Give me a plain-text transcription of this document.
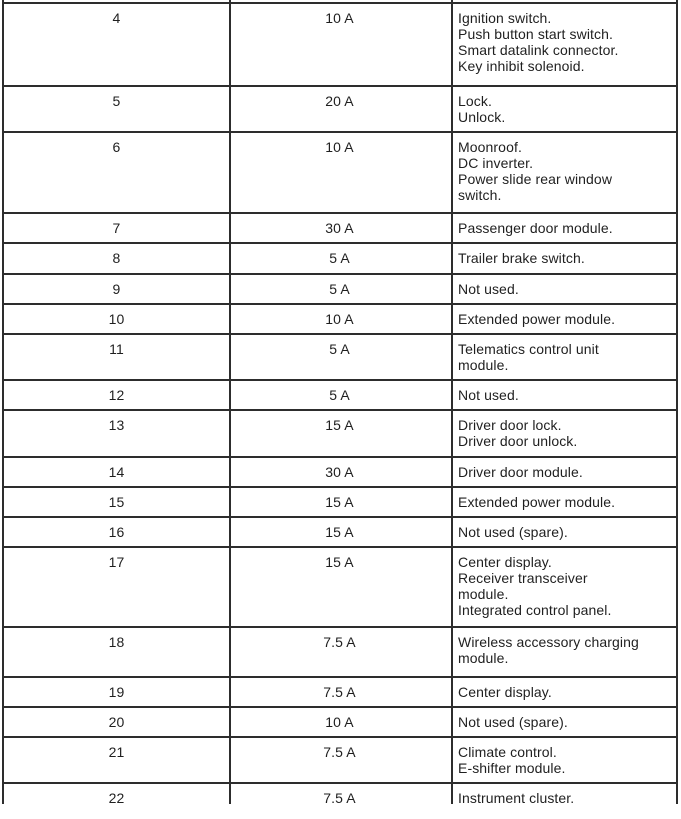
4	10 A	Ignition switch.
Push button start switch.
Smart datalink connector.
Key inhibit solenoid.
5	20 A	Lock.
Unlock.
6	10 A	Moonroof.
DC inverter.
Power slide rear window
switch.
7	30 A	Passenger door module.
8	5 A	Trailer brake switch.
9	5 A	Not used.
10	10 A	Extended power module.
11	5 A	Telematics control unit
module.
12	5 A	Not used.
13	15 A	Driver door lock.
Driver door unlock.
14	30 A	Driver door module.
15	15 A	Extended power module.
16	15 A	Not used (spare).
17	15 A	Center display.
Receiver transceiver
module.
Integrated control panel.
18	7.5 A	Wireless accessory charging
module.
19	7.5 A	Center display.
20	10 A	Not used (spare).
21	7.5 A	Climate control.
E-shifter module.
22	7.5 A	Instrument cluster.
